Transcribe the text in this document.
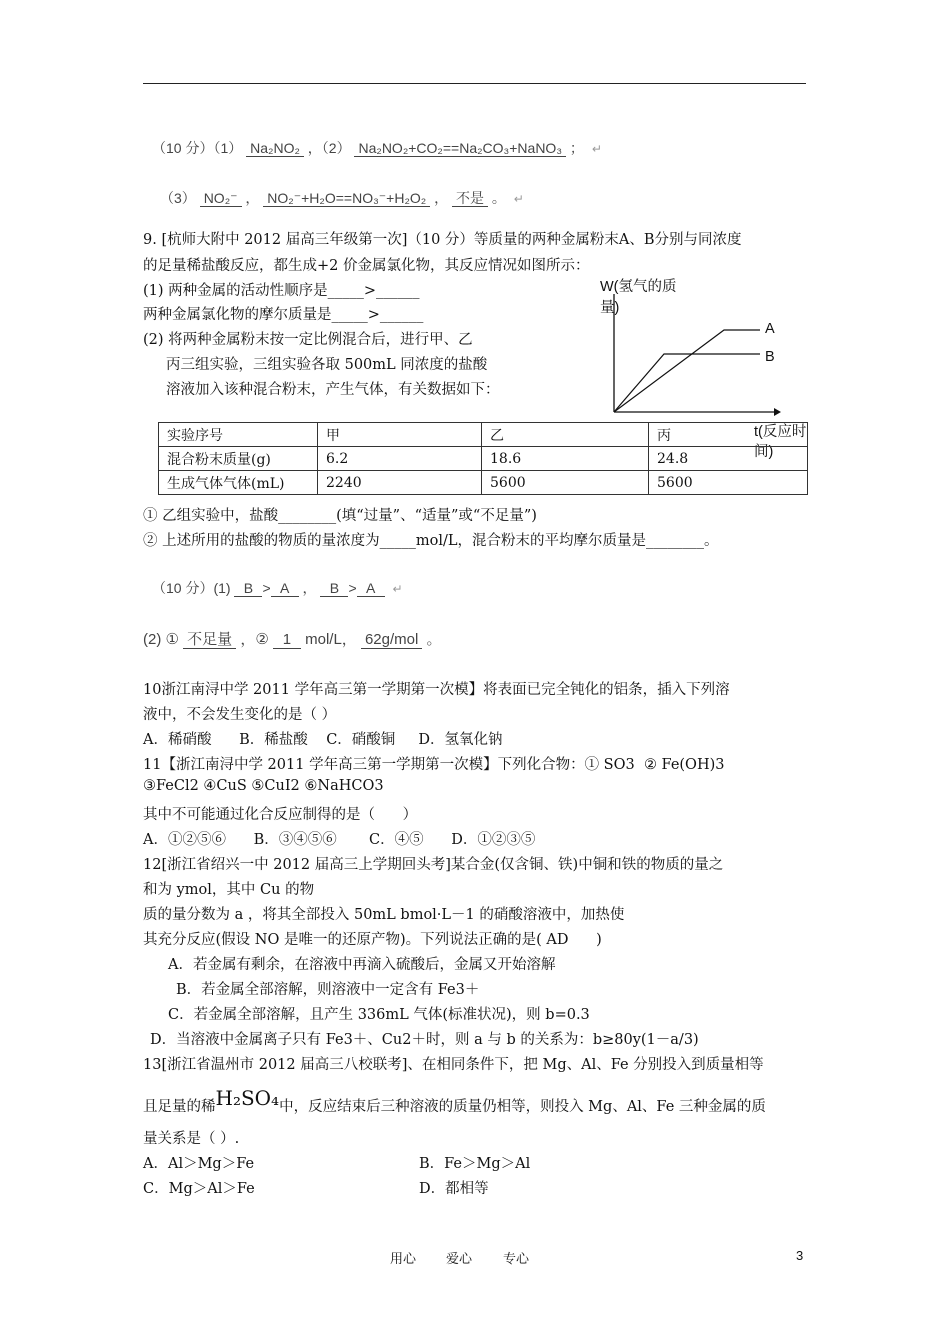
（10 分）（1） Na₂NO₂ ，（2） Na₂NO₂+CO₂==Na₂CO₃+NaNO₃ ； ↵
（3） NO₂⁻ ， NO₂⁻+H₂O==NO₃⁻+H₂O₂ ， 不是 。 ↵
9. [杭师大附中 2012 届高三年级第一次]（10 分）等质量的两种金属粉末A、B分别与同浓度
的足量稀盐酸反应，都生成+2 价金属氯化物，其反应情况如图所示：
(1) 两种金属的活动性顺序是_____>______
两种金属氯化物的摩尔质量是_____>______
(2) 将两种金属粉末按一定比例混合后，进行甲、乙
丙三组实验，三组实验各取 500mL 同浓度的盐酸
溶液加入该种混合粉末，产生气体，有关数据如下：
W(氢气的质
量)
A
B
t(反应时
间)
实验序号	甲	乙	丙
混合粉末质量(g)	6.2	18.6	24.8
生成气体气体(mL)	2240	5600	5600
① 乙组实验中，盐酸________(填“过量”、“适量”或“不足量”)
② 上述所用的盐酸的物质的量浓度为_____mol/L，混合粉末的平均摩尔质量是________。
（10 分）(1) B > A ， B > A ↵
(2) ① 不足量 ，② 1 mol/L， 62g/mol 。
10浙江南浔中学 2011 学年高三第一学期第一次模】将表面已完全钝化的铝条，插入下列溶
液中，不会发生变化的是（ ）
A．稀硝酸      B．稀盐酸    C．硝酸铜     D．氢氧化钠
11【浙江南浔中学 2011 学年高三第一学期第一次模】下列化合物：① SO3  ② Fe(OH)3
③FeCl2 ④CuS ⑤CuI2 ⑥NaHCO3
其中不可能通过化合反应制得的是（      ）
A．①②⑤⑥      B．③④⑤⑥       C．④⑤      D．①②③⑤
12[浙江省绍兴一中 2012 届高三上学期回头考]某合金(仅含铜、铁)中铜和铁的物质的量之
和为 ymol，其中 Cu 的物
质的量分数为 a ，将其全部投入 50mL bmol·L－1 的硝酸溶液中，加热使
其充分反应(假设 NO 是唯一的还原产物)。下列说法正确的是( AD      )
A．若金属有剩余，在溶液中再滴入硫酸后，金属又开始溶解
B．若金属全部溶解，则溶液中一定含有 Fe3＋
C．若金属全部溶解，且产生 336mL 气体(标准状况)，则 b=0.3
D．当溶液中金属离子只有 Fe3＋、Cu2＋时，则 a 与 b 的关系为：b≥80y(1－a/3)
13[浙江省温州市 2012 届高三八校联考]、在相同条件下，把 Mg、Al、Fe 分别投入到质量相等
且足量的稀H₂SO₄中，反应结束后三种溶液的质量仍相等，则投入 Mg、Al、Fe 三种金属的质
量关系是（ ）.
A．Al＞Mg＞Fe	B．Fe＞Mg＞Al
C．Mg＞Al＞Fe	D．都相等
用心 爱心 专心	3
